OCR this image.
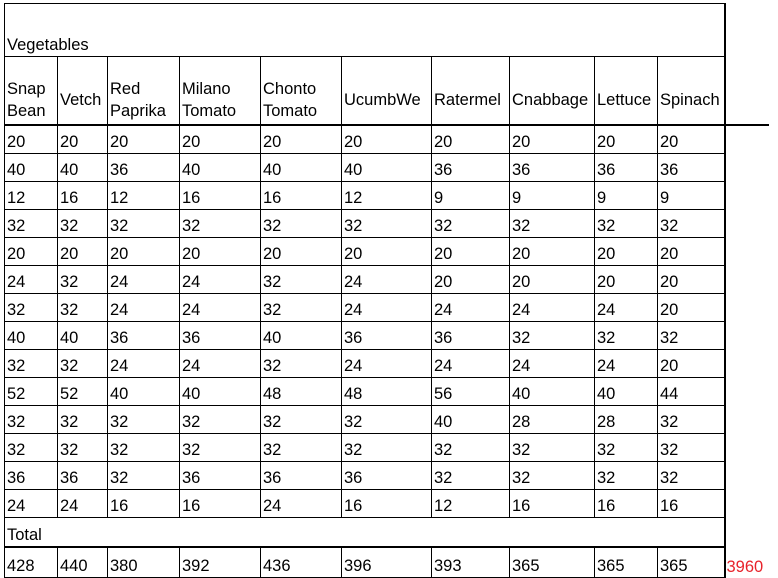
Vegetables										
Snap Bean	Vetch	Red Paprika	Milano Tomato	Chonto Tomato	UcumbWe	Ratermel	Cnabbage	Lettuce	Spinach	
20	20	20	20	20	20	20	20	20	20	
40	40	36	40	40	40	36	36	36	36	
12	16	12	16	16	12	9	9	9	9	
32	32	32	32	32	32	32	32	32	32	
20	20	20	20	20	20	20	20	20	20	
24	32	24	24	32	24	20	20	20	20	
32	32	24	24	32	24	24	24	24	20	
40	40	36	36	40	36	36	32	32	32	
32	32	24	24	32	24	24	24	24	20	
52	52	40	40	48	48	56	40	40	44	
32	32	32	32	32	32	40	28	28	32	
32	32	32	32	32	32	32	32	32	32	
36	36	32	36	36	36	32	32	32	32	
24	24	16	16	24	16	12	16	16	16	
Total										
428	440	380	392	436	396	393	365	365	365	3960
